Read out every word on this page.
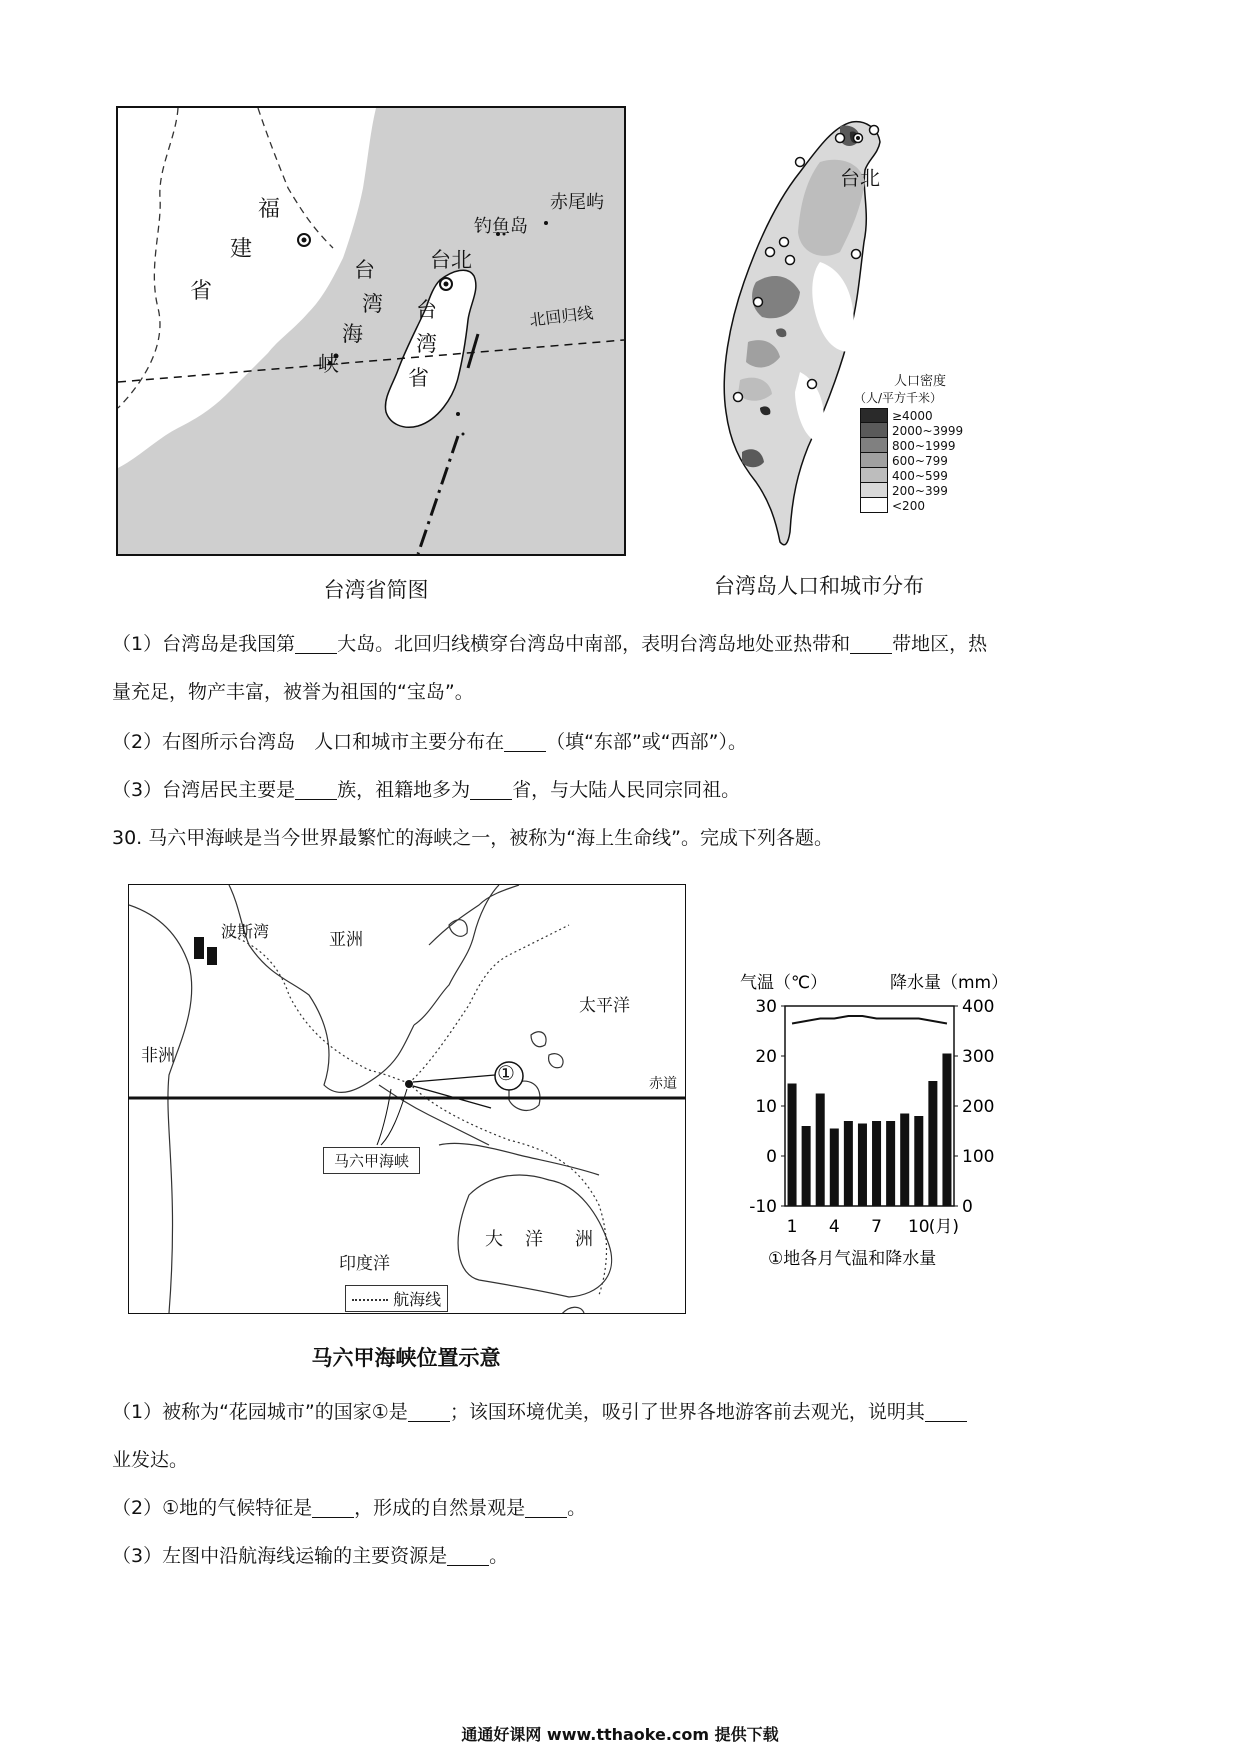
福
建
省
赤尾屿
钓鱼岛
台北
台
湾
海
峡
台
湾
省
北回归线
台湾省简图
台北
人口密度
（人/平方千米）
≥4000
2000~3999
800~1999
600~799
400~599
200~399
<200
台湾岛人口和城市分布
（1）台湾岛是我国第 大岛。北回归线横穿台湾岛中南部，表明台湾岛地处亚热带和 带地区，热
量充足，物产丰富，被誉为祖国的“宝岛”。
（2）右图所示台湾岛　人口和城市主要分布在 （填“东部”或“西部”）。
（3）台湾居民主要是 族，祖籍地多为 省，与大陆人民同宗同祖。
30. 马六甲海峡是当今世界最繁忙的海峡之一，被称为“海上生命线”。完成下列各题。
波斯湾	亚洲
太平洋
非洲
赤道
①
马六甲海峡
大 洋 洲
印度洋
航海线
马六甲海峡位置示意
气温（℃）	降水量（mm）
30
20
10
0
-10
400
300
200
100
0
1 4 7 10 (月)
①地各月气温和降水量
（1）被称为“花园城市”的国家①是 ；该国环境优美，吸引了世界各地游客前去观光，说明其
业发达。
（2）①地的气候特征是 ，形成的自然景观是 。
（3）左图中沿航海线运输的主要资源是 。
通通好课网 www.tthaoke.com 提供下载
